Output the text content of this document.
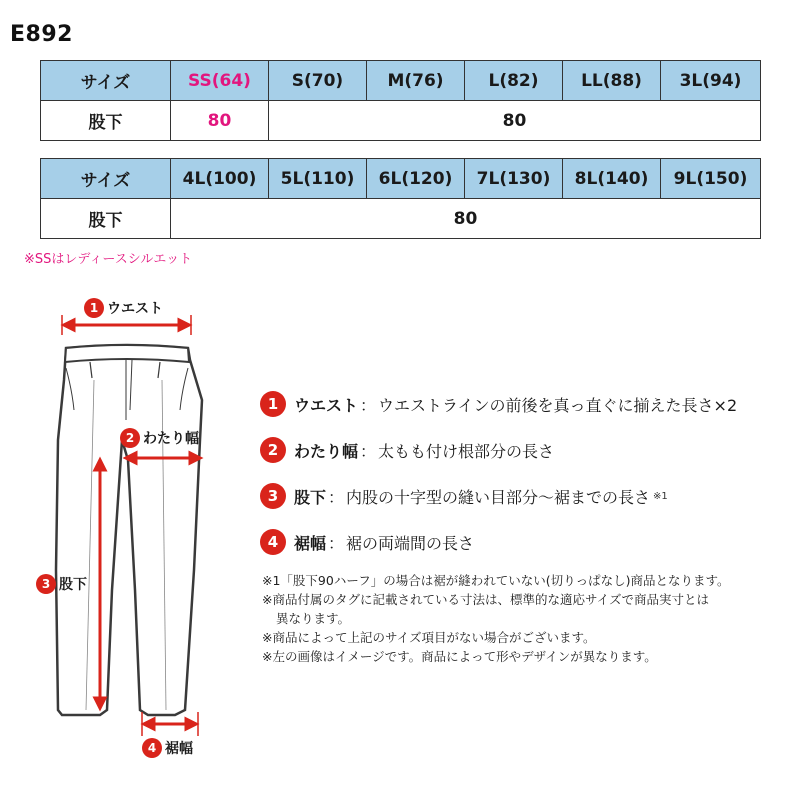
E892
サイズ	SS(64)	S(70)	M(76)	L(82)	LL(88)	3L(94)
股下	80	80				
サイズ	4L(100)	5L(110)	6L(120)	7L(130)	8L(140)	9L(150)
股下	80					
※SSはレディースシルエット
1 ウエスト
2 わたり幅
3 股下
4 裾幅
1 ウエスト ： ウエストラインの前後を真っ直ぐに揃えた長さ×2
2 わたり幅 ： 太もも付け根部分の長さ
3 股下 ： 内股の十字型の縫い目部分〜裾までの長さ ※1
4 裾幅 ： 裾の両端間の長さ
※1「股下90ハーフ」の場合は裾が縫われていない(切りっぱなし)商品となります。
※商品付属のタグに記載されている寸法は、標準的な適応サイズで商品実寸とは
異なります。
※商品によって上記のサイズ項目がない場合がございます。
※左の画像はイメージです。商品によって形やデザインが異なります。
